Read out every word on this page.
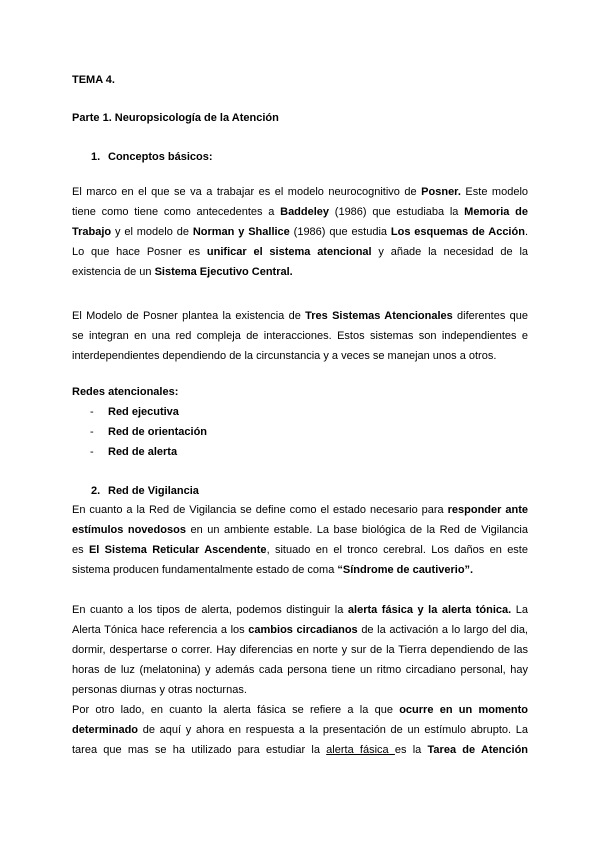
TEMA 4.
Parte 1. Neuropsicología de la Atención
1. Conceptos básicos:
El marco en el que se va a trabajar es el modelo neurocognitivo de Posner. Este modelo
tiene como tiene como antecedentes a Baddeley (1986) que estudiaba la Memoria de
Trabajo y el modelo de Norman y Shallice (1986) que estudia Los esquemas de Acción.
Lo que hace Posner es unificar el sistema atencional y añade la necesidad de la
existencia de un Sistema Ejecutivo Central.
El Modelo de Posner plantea la existencia de Tres Sistemas Atencionales diferentes que
se integran en una red compleja de interacciones. Estos sistemas son independientes e
interdependientes dependiendo de la circunstancia y a veces se manejan unos a otros.
Redes atencionales:
- Red ejecutiva
- Red de orientación
- Red de alerta
2. Red de Vigilancia
En cuanto a la Red de Vigilancia se define como el estado necesario para responder ante
estímulos novedosos en un ambiente estable. La base biológica de la Red de Vigilancia
es El Sistema Reticular Ascendente, situado en el tronco cerebral. Los daños en este
sistema producen fundamentalmente estado de coma “Síndrome de cautiverio”.
En cuanto a los tipos de alerta, podemos distinguir la alerta fásica y la alerta tónica. La
Alerta Tónica hace referencia a los cambios circadianos de la activación a lo largo del dia,
dormir, despertarse o correr. Hay diferencias en norte y sur de la Tierra dependiendo de las
horas de luz (melatonina) y además cada persona tiene un ritmo circadiano personal, hay
personas diurnas y otras nocturnas.
Por otro lado, en cuanto la alerta fásica se refiere a la que ocurre en un momento
determinado de aquí y ahora en respuesta a la presentación de un estímulo abrupto. La
tarea que mas se ha utilizado para estudiar la alerta fásica es la Tarea de Atención
